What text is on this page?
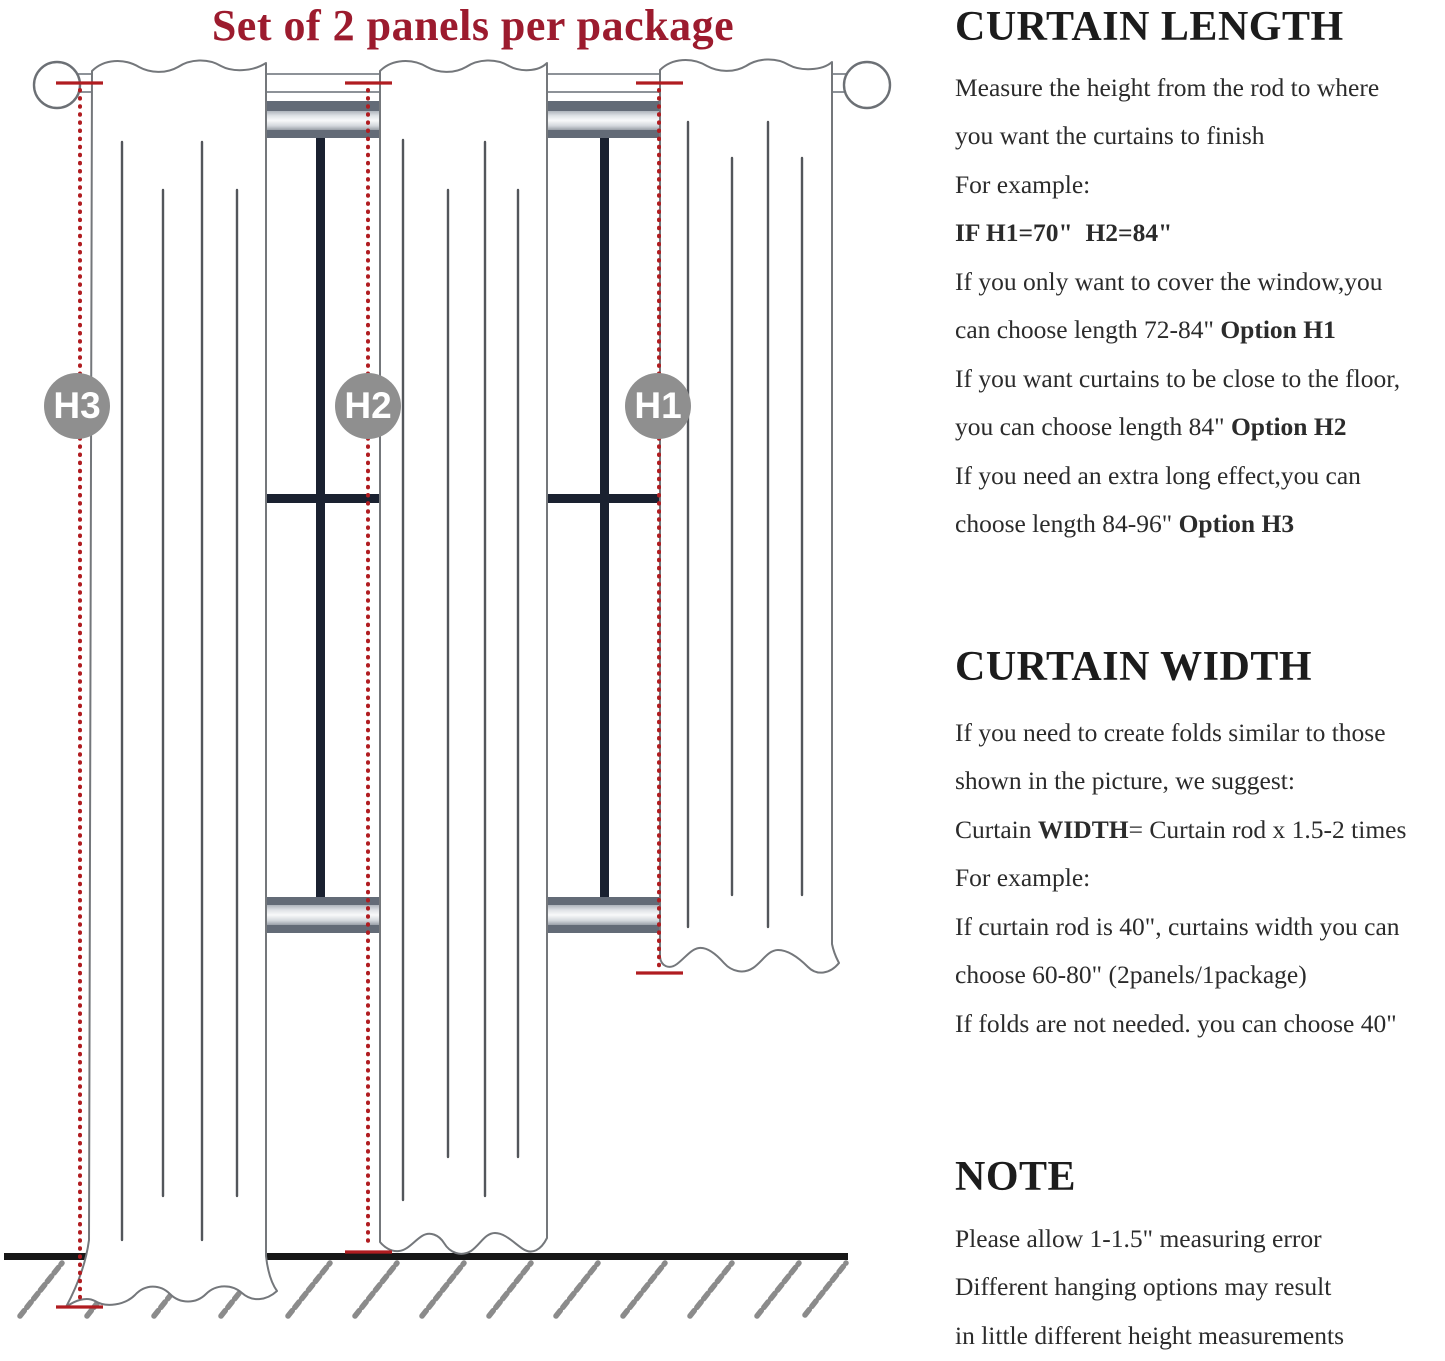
Set of 2 panels per package
H3	H2	H1
CURTAIN LENGTH
Measure the height from the rod to where
you want the curtains to finish
For example:
IF H1=70"  H2=84"
If you only want to cover the window,you
can choose length 72-84" Option H1
If you want curtains to be close to the floor,
you can choose length 84" Option H2
If you need an extra long effect,you can
choose length 84-96" Option H3
CURTAIN WIDTH
If you need to create folds similar to those
shown in the picture, we suggest:
Curtain WIDTH= Curtain rod x 1.5-2 times
For example:
If curtain rod is 40", curtains width you can
choose 60-80" (2panels/1package)
If folds are not needed. you can choose 40"
NOTE
Please allow 1-1.5" measuring error
Different hanging options may result
in little different height measurements
